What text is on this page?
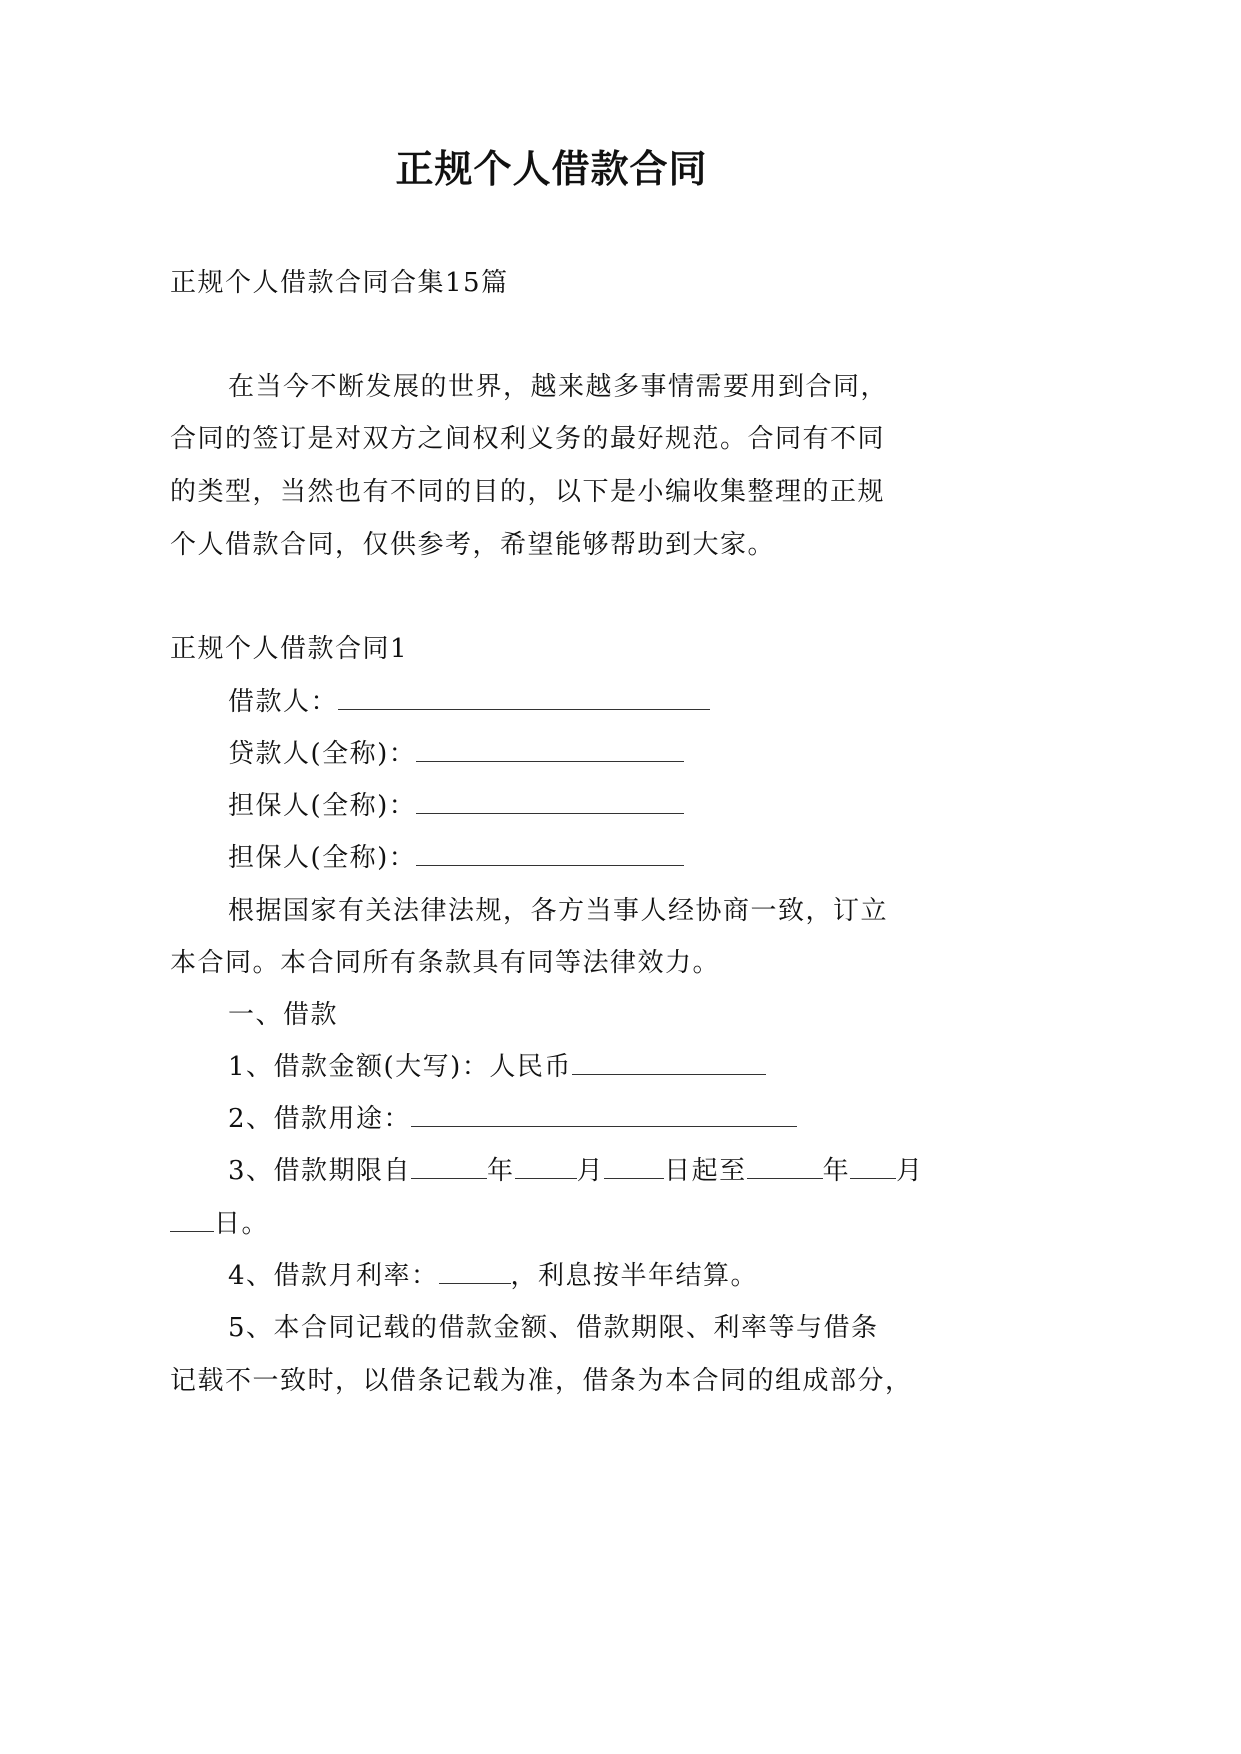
正规个人借款合同
正规个人借款合同合集15篇
在当今不断发展的世界，越来越多事情需要用到合同，
合同的签订是对双方之间权利义务的最好规范。合同有不同
的类型，当然也有不同的目的，以下是小编收集整理的正规
个人借款合同，仅供参考，希望能够帮助到大家。
正规个人借款合同1
借款人：
贷款人(全称)：
担保人(全称)：
担保人(全称)：
根据国家有关法律法规，各方当事人经协商一致，订立
本合同。本合同所有条款具有同等法律效力。
一、借款
1、借款金额(大写)：人民币
2、借款用途：
3、借款期限自	年 月 日起至	年 月
日。
4、借款月利率：	，利息按半年结算。
5、本合同记载的借款金额、借款期限、利率等与借条
记载不一致时，以借条记载为准，借条为本合同的组成部分，
